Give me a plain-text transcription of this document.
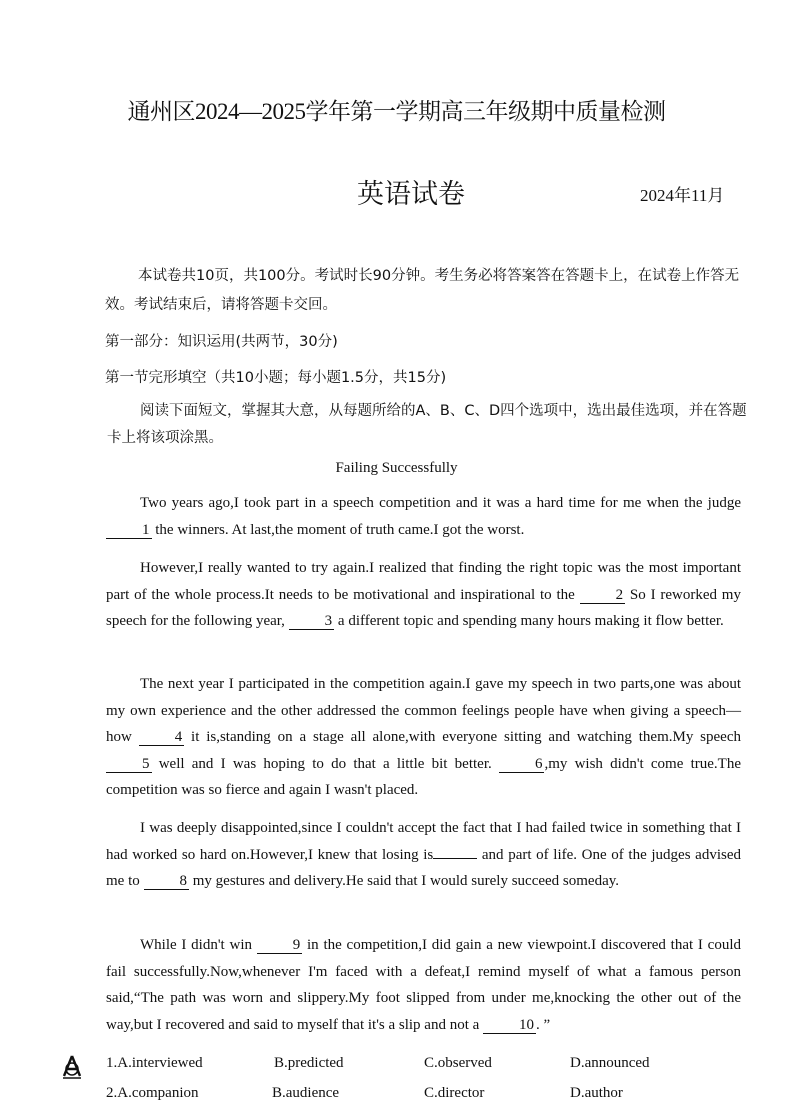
通州区2024—2025学年第一学期高三年级期中质量检测
英语试卷	2024年11月
本试卷共10页，共100分。考试时长90分钟。考生务必将答案答在答题卡上，在试卷上作答无效。考试结束后，请将答题卡交回。
第一部分：知识运用(共两节，30分)
第一节完形填空（共10小题；每小题1.5分，共15分)
阅读下面短文，掌握其大意，从每题所给的A、B、C、D四个选项中，选出最佳选项，并在答题卡上将该项涂黑。
Failing Successfully
Two years ago,I took part in a speech competition and it was a hard time for me when the judge 1 the winners. At last,the moment of truth came.I got the worst.
However,I really wanted to try again.I realized that finding the right topic was the most important part of the whole process.It needs to be motivational and inspirational to the 2 So I reworked my speech for the following year, 3 a different topic and spending many hours making it flow better.
The next year I participated in the competition again.I gave my speech in two parts,one was about my own experience and the other addressed the common feelings people have when giving a speech—how 4 it is,standing on a stage all alone,with everyone sitting and watching them.My speech 5 well and I was hoping to do that a little bit better. 6 ,my wish didn't come true.The competition was so fierce and again I wasn't placed.
I was deeply disappointed,since I couldn't accept the fact that I had failed twice in something that I had worked so hard on.However,I knew that losing is	and part of life. One of the judges advised me to 8 my gestures and delivery.He said that I would surely succeed someday.
While I didn't win 9 in the competition,I did gain a new viewpoint.I discovered that I could fail successfully.Now,whenever I'm faced with a defeat,I remind myself of what a famous person said,“The path was worn and slippery.My foot slipped from under me,knocking the other out of the way,but I recovered and said to myself that it's a slip and not a 10 . ”
1.A.interviewed	B.predicted	C.observed	D.announced
2.A.companion	B.audience	C.director	D.author
